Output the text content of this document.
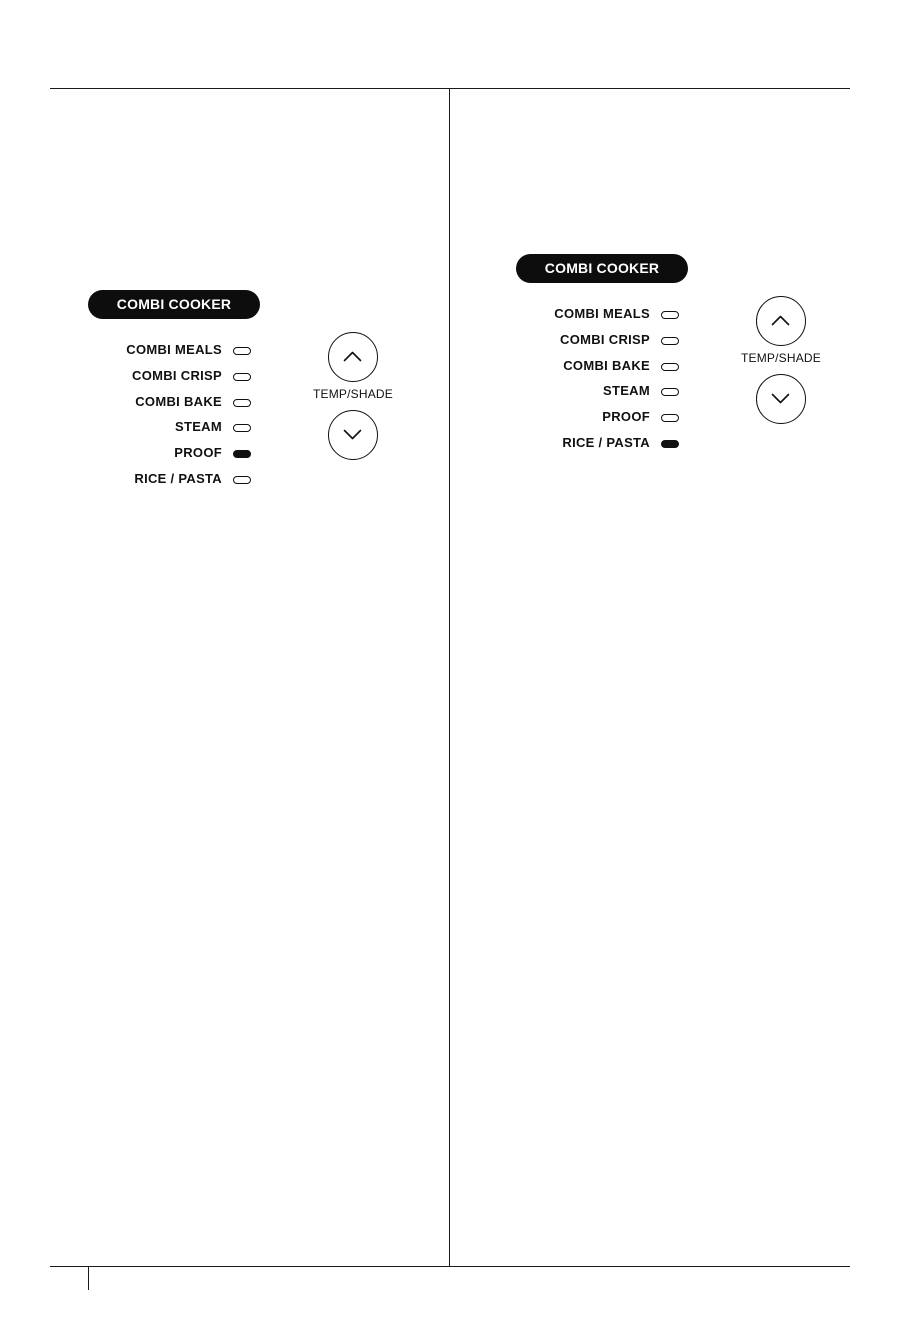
COMBI COOKER
COMBI MEALS
COMBI CRISP
COMBI BAKE
STEAM
PROOF
RICE / PASTA
TEMP/SHADE
COMBI COOKER
COMBI MEALS
COMBI CRISP
COMBI BAKE
STEAM
PROOF
RICE / PASTA
TEMP/SHADE
